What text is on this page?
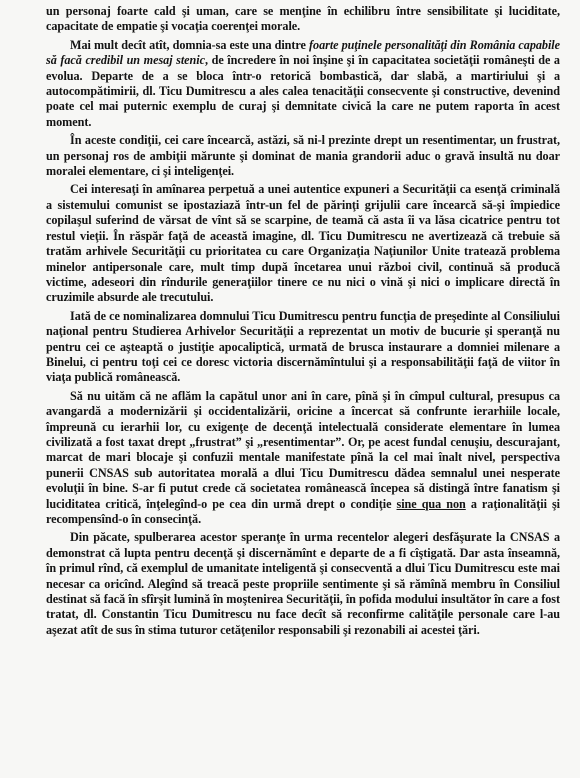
un personaj foarte cald şi uman, care se menţine în echilibru între sensibilitate şi luciditate, capacitate de empatie şi vocaţia coerenţei morale.

Mai mult decît atît, domnia-sa este una dintre foarte puţinele personalităţi din România capabile să facă credibil un mesaj stenic, de încredere în noi înşine şi în capacitatea societăţii româneşti de a evolua. Departe de a se bloca într-o retorică bombastică, dar slabă, a martiriului şi a autocompătimirii, dl. Ticu Dumitrescu a ales calea tenacităţii consecvente şi constructive, devenind poate cel mai puternic exemplu de curaj şi demnitate civică la care ne putem raporta în acest moment.

În aceste condiţii, cei care încearcă, astăzi, să ni-l prezinte drept un resentimentar, un frustrat, un personaj ros de ambiţii mărunte şi dominat de mania grandorii aduc o gravă insultă nu doar moralei elementare, ci şi inteligenţei.

Cei interesaţi în amînarea perpetuă a unei autentice expuneri a Securităţii ca esenţă criminală a sistemului comunist se ipostaziază într-un fel de părinţi grijulii care încearcă să-şi împiedice copilaşul suferind de vărsat de vînt să se scarpine, de teamă că asta îi va lăsa cicatrice pentru tot restul vieţii. În răspăr faţă de această imagine, dl. Ticu Dumitrescu ne avertizează că trebuie să tratăm arhivele Securităţii cu prioritatea cu care Organizaţia Naţiunilor Unite tratează problema minelor antipersonale care, mult timp după încetarea unui război civil, continuă să producă victime, adeseori din rîndurile generaţiilor tinere ce nu nici o vină şi nici o implicare directă în cruzimile absurde ale trecutului.

Iată de ce nominalizarea domnului Ticu Dumitrescu pentru funcţia de preşedinte al Consiliului naţional pentru Studierea Arhivelor Securităţii a reprezentat un motiv de bucurie şi speranţă nu pentru cei ce aşteaptă o justiţie apocaliptică, urmată de brusca instaurare a domniei milenare a Binelui, ci pentru toţi cei ce doresc victoria discernămîntului şi a responsabilităţii faţă de viitor în viaţa publică românească.

Să nu uităm că ne aflăm la capătul unor ani în care, pînă şi în cîmpul cultural, presupus ca avangardă a modernizării şi occidentalizării, oricine a încercat să confrunte ierarhiile locale, împreună cu ierarhii lor, cu exigenţe de decenţă intelectuală considerate elementare în lumea civilizată a fost taxat drept „frustrat” şi „resentimentar”. Or, pe acest fundal cenuşiu, descurajant, marcat de mari blocaje şi confuzii mentale manifestate pînă la cel mai înalt nivel, perspectiva punerii CNSAS sub autoritatea morală a dlui Ticu Dumitrescu dădea semnalul unei nesperate evoluţii în bine. S-ar fi putut crede că societatea românească începea să distingă între fanatism şi luciditatea critică, înţelegînd-o pe cea din urmă drept o condiţie sine qua non a raţionalităţii şi recompensînd-o în consecinţă.

Din păcate, spulberarea acestor speranţe în urma recentelor alegeri desfăşurate la CNSAS a demonstrat că lupta pentru decenţă şi discernămînt e departe de a fi cîştigată. Dar asta înseamnă, în primul rînd, că exemplul de umanitate inteligentă şi consecventă a dlui Ticu Dumitrescu este mai necesar ca oricînd. Alegînd să treacă peste propriile sentimente şi să rămînă membru în Consiliul destinat să facă în sfîrşit lumină în moştenirea Securităţii, în pofida modului insultător în care a fost tratat, dl. Constantin Ticu Dumitrescu nu face decît să reconfirme calităţile personale care l-au aşezat atît de sus în stima tuturor cetăţenilor responsabili şi rezonabili ai acestei ţări.
